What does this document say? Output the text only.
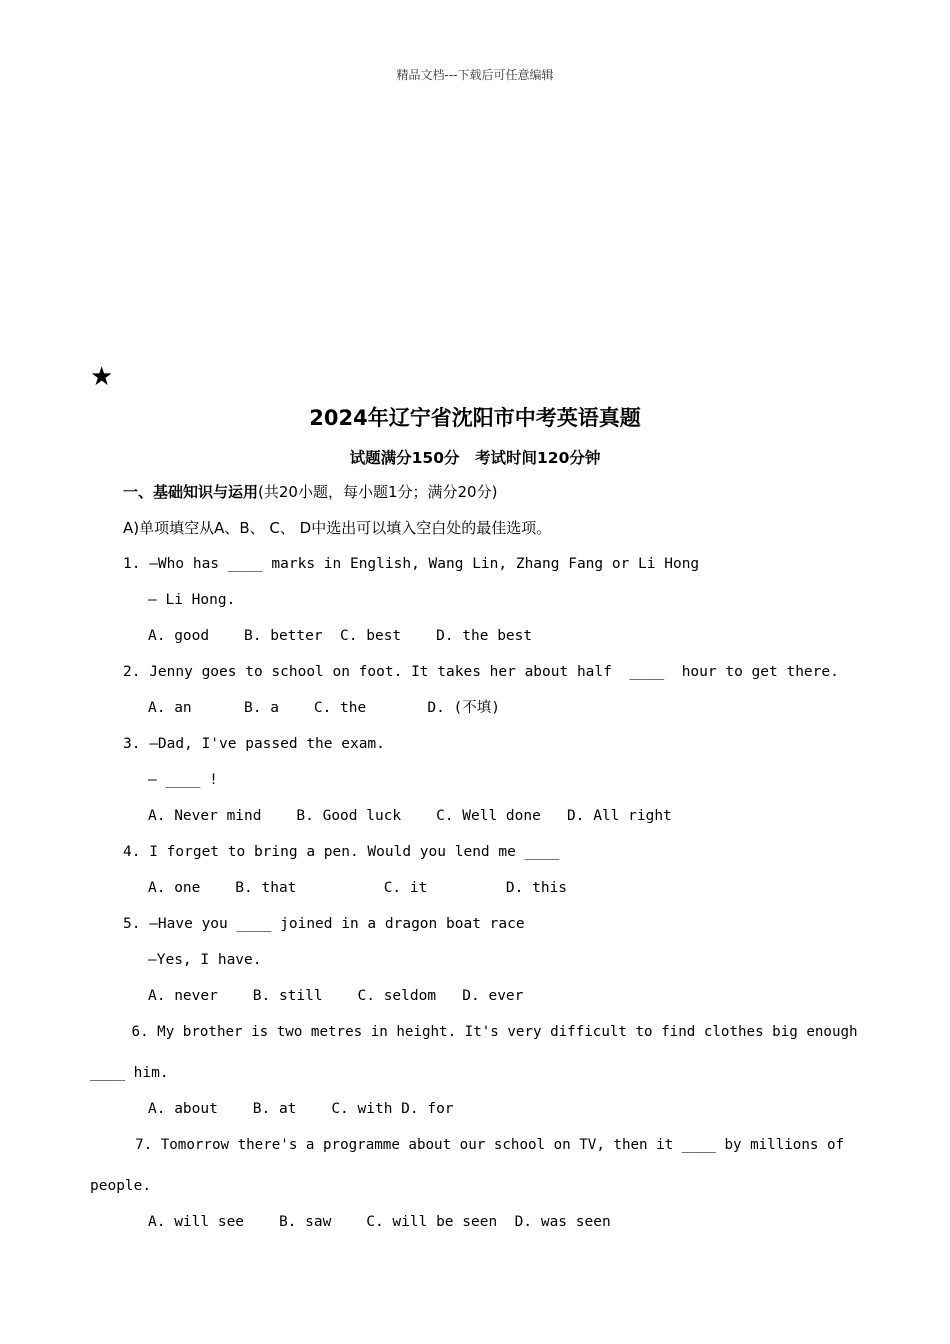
精品文档---下载后可任意编辑
★
2024年辽宁省沈阳市中考英语真题
试题满分150分　考试时间120分钟
一、基础知识与运用(共20小题，每小题1分；满分20分)
A)单项填空从A、B、 C、 D中选出可以填入空白处的最佳选项。
1. —Who has ____ marks in English, Wang Lin, Zhang Fang or Li Hong
— Li Hong.
A. good    B. better  C. best    D. the best
2. Jenny goes to school on foot. It takes her about half  ____  hour to get there.
A. an      B. a    C. the       D. (不填)
3. —Dad, I've passed the exam.
— ____ !
A. Never mind    B. Good luck    C. Well done   D. All right
4. I forget to bring a pen. Would you lend me ____
A. one    B. that          C. it         D. this
5. —Have you ____ joined in a dragon boat race
—Yes, I have.
A. never    B. still    C. seldom   D. ever
6. My brother is two metres in height. It's very difficult to find clothes big enough
____ him.
A. about    B. at    C. with D. for
7. Tomorrow there's a programme about our school on TV, then it ____ by millions of
people.
A. will see    B. saw    C. will be seen  D. was seen
